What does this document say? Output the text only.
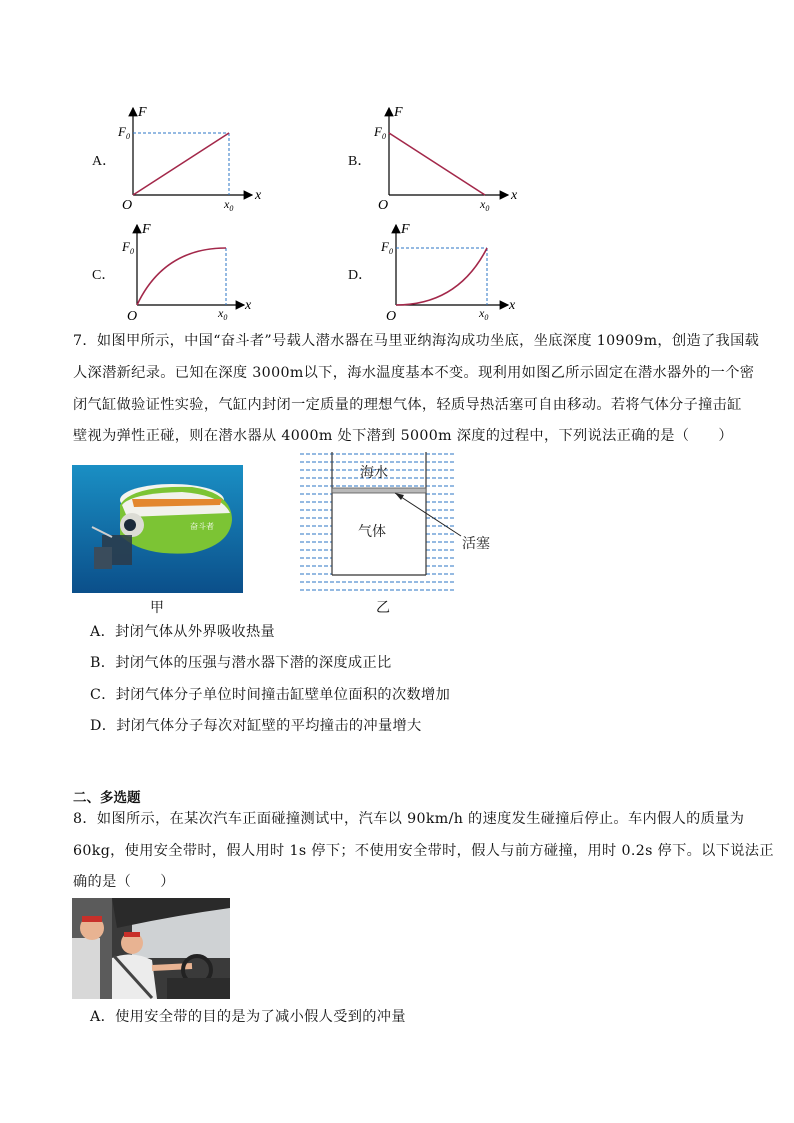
A．	B．
C．	D．
F
$F_0$
O	$x_0$
x
F
$F_0$
O	$x_0$
x
F
$F_0$
O	$x_0$
x
F
$F_0$
O	$x_0$
x
7．如图甲所示，中国“奋斗者”号载人潜水器在马里亚纳海沟成功坐底，坐底深度 10909m，创造了我国载
人深潜新纪录。已知在深度 3000m以下，海水温度基本不变。现利用如图乙所示固定在潜水器外的一个密
闭气缸做验证性实验，气缸内封闭一定质量的理想气体，轻质导热活塞可自由移动。若将气体分子撞击缸
壁视为弹性正碰，则在潜水器从 4000m 处下潜到 5000m 深度的过程中，下列说法正确的是（　　）
奋斗者
甲
海水
气体
活塞
乙
A．封闭气体从外界吸收热量
B．封闭气体的压强与潜水器下潜的深度成正比
C．封闭气体分子单位时间撞击缸壁单位面积的次数增加
D．封闭气体分子每次对缸壁的平均撞击的冲量增大
二、多选题
8．如图所示，在某次汽车正面碰撞测试中，汽车以 90km/h 的速度发生碰撞后停止。车内假人的质量为
60kg，使用安全带时，假人用时 1s 停下；不使用安全带时，假人与前方碰撞，用时 0.2s 停下。以下说法正
确的是（　　）
A．使用安全带的目的是为了减小假人受到的冲量
